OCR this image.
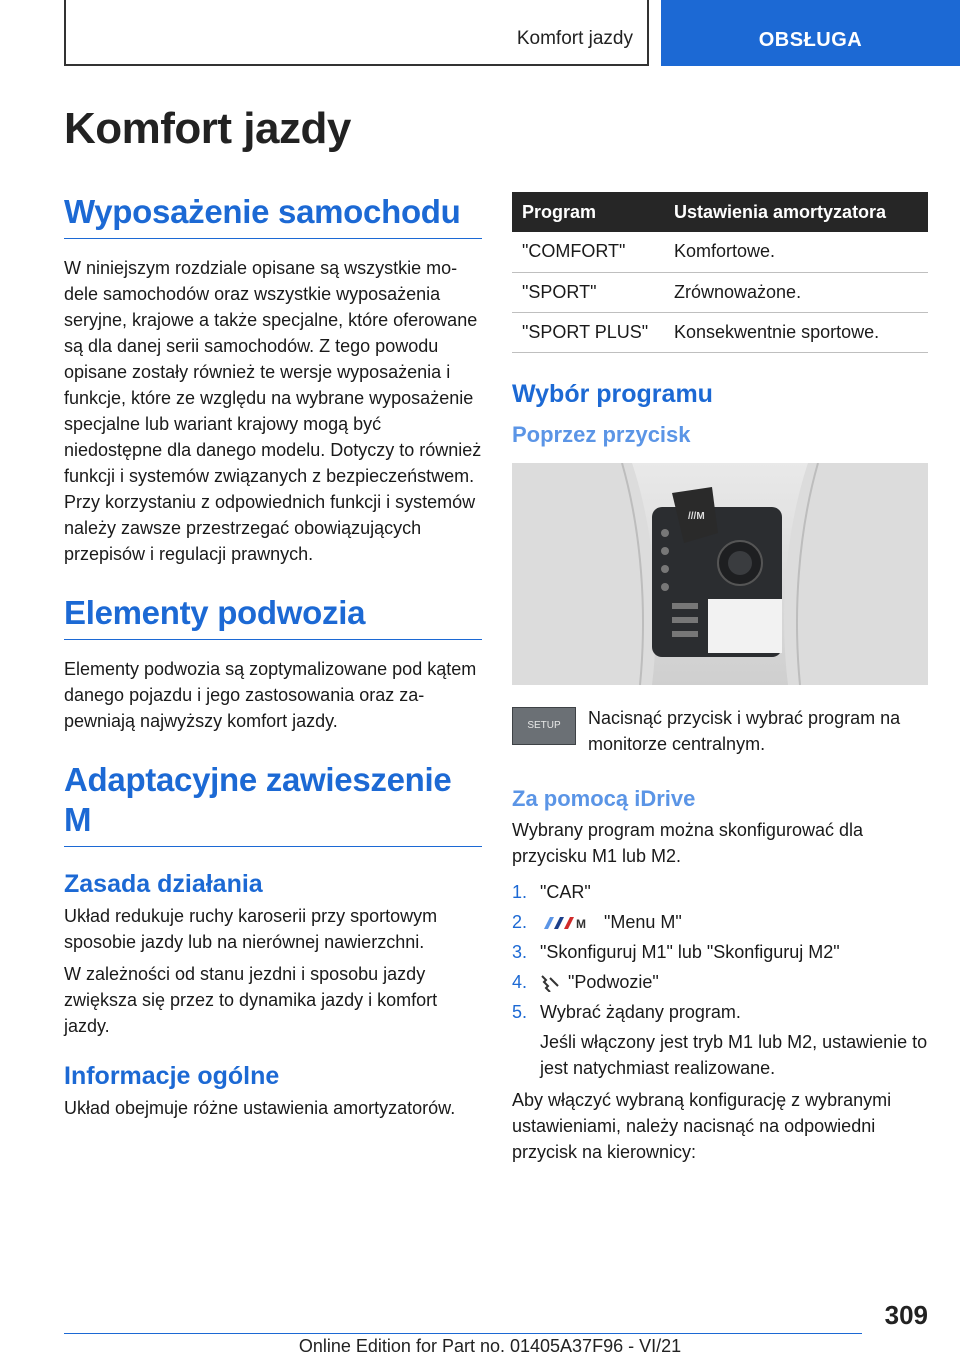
Komfort jazdy	OBSŁUGA
Komfort jazdy
Wyposażenie samochodu

W niniejszym rozdziale opisane są wszystkie modele samochodów oraz wszystkie wyposażenia seryjne, krajowe a także specjalne, które oferowane są dla danej serii samochodów. Z tego powodu opisane zostały również te wersje wyposażenia i funkcje, które ze względu na wybrane wyposażenie specjalne lub wariant krajowy mogą być niedostępne dla danego modelu. Dotyczy to również funkcji i systemów związanych z bezpieczeństwem. Przy korzystaniu z odpowiednich funkcji i systemów należy zawsze przestrzegać obowiązujących przepisów i regulacji prawnych.

Elementy podwozia

Elementy podwozia są zoptymalizowane pod kątem danego pojazdu i jego zastosowania oraz zapewniają najwyższy komfort jazdy.

Adaptacyjne zawieszenie M
Zasada działania

Układ redukuje ruchy karoserii przy sportowym sposobie jazdy lub na nierównej nawierzchni.

W zależności od stanu jezdni i sposobu jazdy zwiększa się przez to dynamika jazdy i komfort jazdy.

Informacje ogólne

Układ obejmuje różne ustawienia amortyzatorów.

Program	Ustawienia amortyzatora
"COMFORT"	Komfortowe.
"SPORT"	Zrównoważone.
"SPORT PLUS"	Konsekwentnie sportowe.
Wybór programu
Poprzez przycisk
///M
SETUP	Nacisnąć przycisk i wybrać program na monitorze centralnym.

Za pomocą iDrive

Wybrany program można skonfigurować dla przycisku M1 lub M2.

1. "CAR"
2.	M "Menu M"
3. "Skonfiguruj M1" lub "Skonfiguruj M2"
4.	"Podwozie"
5. Wybrać żądany program.

Jeśli włączony jest tryb M1 lub M2, ustawienie to jest natychmiast realizowane.

Aby włączyć wybraną konfigurację z wybranymi ustawieniami, należy nacisnąć na odpowiedni przycisk na kierownicy:

309
Online Edition for Part no. 01405A37F96 - VI/21
